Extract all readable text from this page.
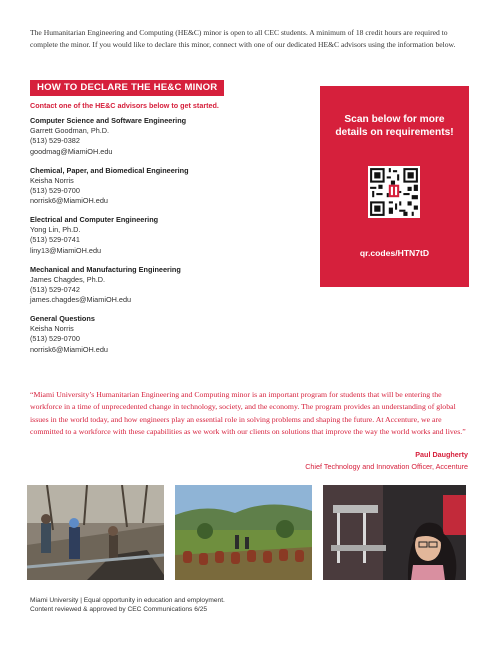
The Humanitarian Engineering and Computing (HE&C) minor is open to all CEC students. A minimum of 18 credit hours are required to complete the minor. If you would like to declare this minor, connect with one of our dedicated HE&C advisors using the information below.
HOW TO DECLARE THE HE&C MINOR
Contact one of the HE&C advisors below to get started.
Computer Science and Software Engineering
Garrett Goodman, Ph.D.
(513) 529-0382
goodmag@MiamiOH.edu
Chemical, Paper, and Biomedical Engineering
Keisha Norris
(513) 529-0700
norrisk6@MiamiOH.edu
Electrical and Computer Engineering
Yong Lin, Ph.D.
(513) 529-0741
liny13@MiamiOH.edu
Mechanical and Manufacturing Engineering
James Chagdes, Ph.D.
(513) 529-0742
james.chagdes@MiamiOH.edu
General Questions
Keisha Norris
(513) 529-0700
norrisk6@MiamiOH.edu
Scan below for more details on requirements!
qr.codes/HTN7tD
“Miami University’s Humanitarian Engineering and Computing minor is an important program for students that will be entering the workforce in a time of unprecedented change in technology, society, and the economy. The program provides an understanding of global issues in the world today, and how engineers play an essential role in solving problems and shaping the future. At Accenture, we are committed to a workforce with these capabilities as we work with our clients on solutions that improve the way the world works and lives.”
Paul Daugherty
Chief Technology and Innovation Officer, Accenture
Miami University | Equal opportunity in education and employment.
Content reviewed & approved by CEC Communications 6/25
